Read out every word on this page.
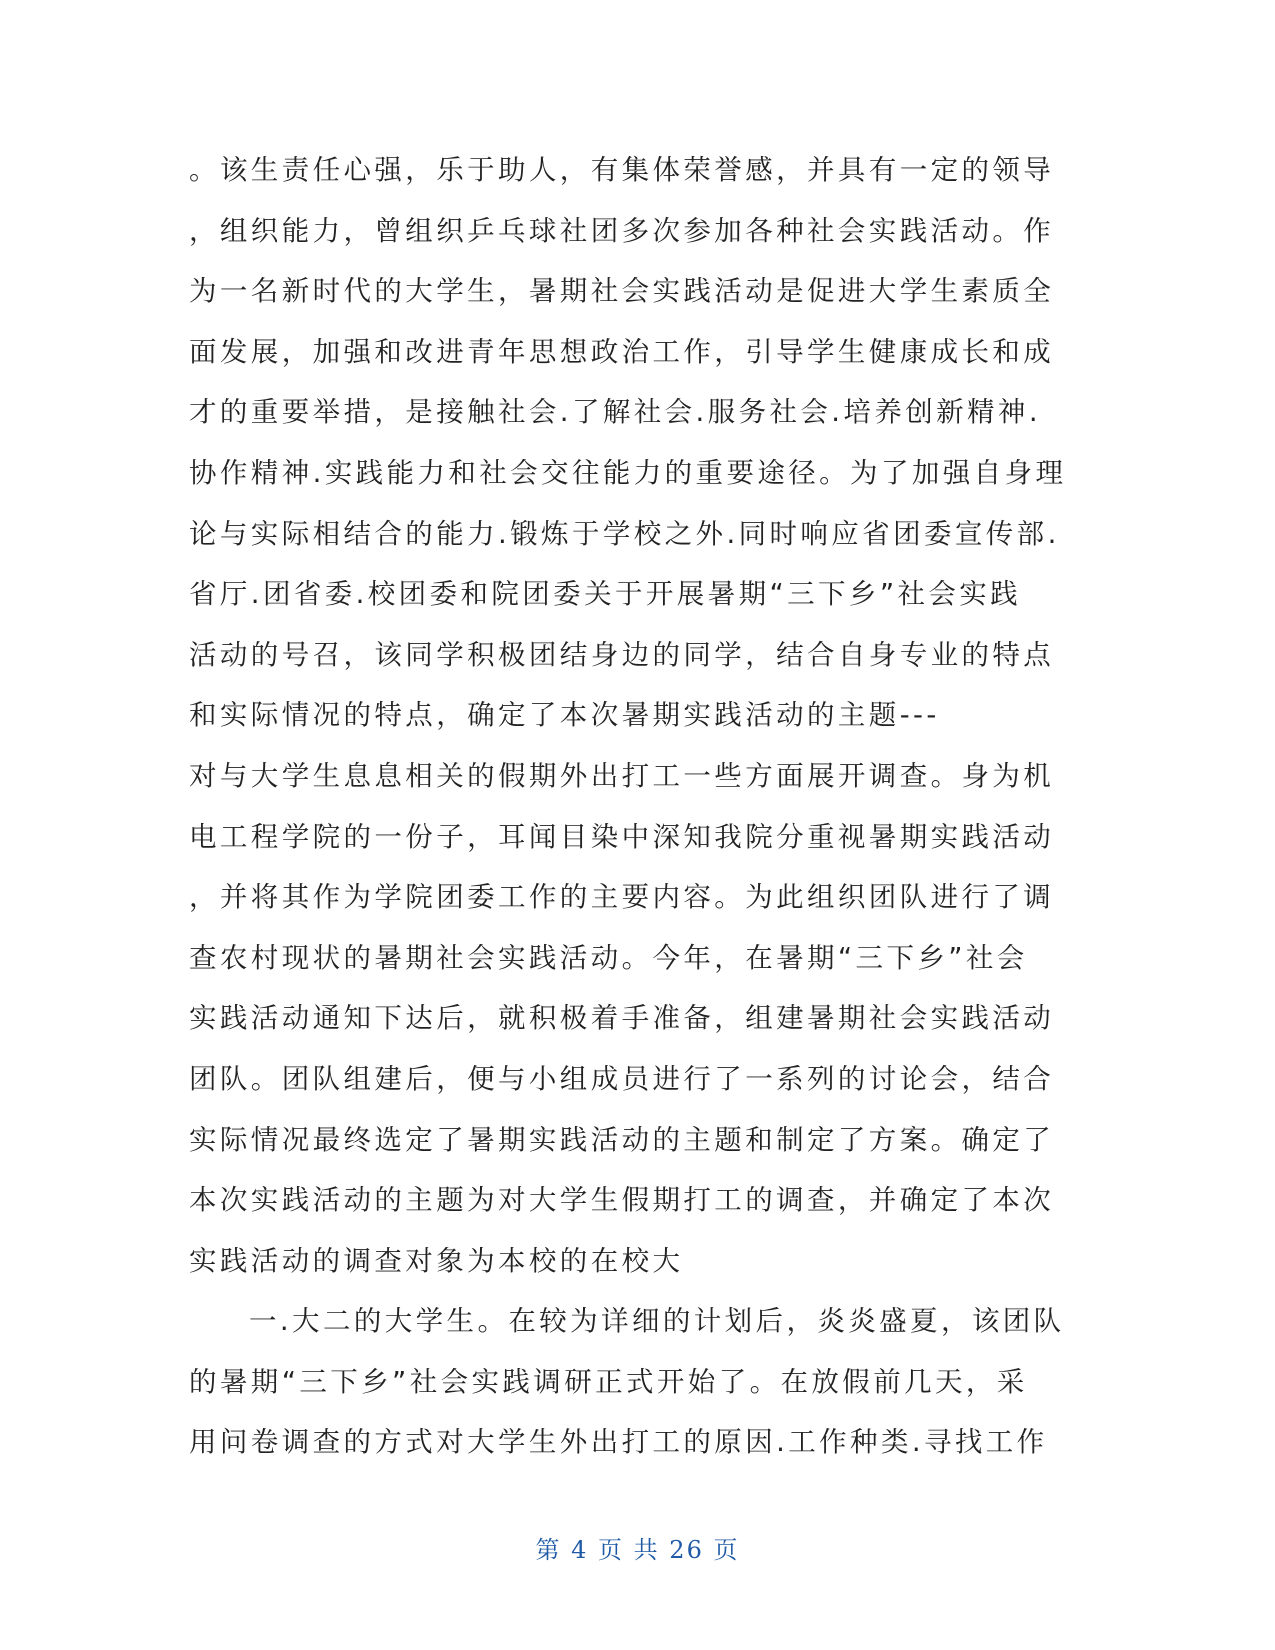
。该生责任心强，乐于助人，有集体荣誉感，并具有一定的领导
，组织能力，曾组织乒乓球社团多次参加各种社会实践活动。作
为一名新时代的大学生，暑期社会实践活动是促进大学生素质全
面发展，加强和改进青年思想政治工作，引导学生健康成长和成
才的重要举措，是接触社会.了解社会.服务社会.培养创新精神.
协作精神.实践能力和社会交往能力的重要途径。为了加强自身理
论与实际相结合的能力.锻炼于学校之外.同时响应省团委宣传部.
省厅.团省委.校团委和院团委关于开展暑期“三下乡”社会实践
活动的号召，该同学积极团结身边的同学，结合自身专业的特点
和实际情况的特点，确定了本次暑期实践活动的主题---
对与大学生息息相关的假期外出打工一些方面展开调查。身为机
电工程学院的一份子，耳闻目染中深知我院分重视暑期实践活动
，并将其作为学院团委工作的主要内容。为此组织团队进行了调
查农村现状的暑期社会实践活动。今年，在暑期“三下乡”社会
实践活动通知下达后，就积极着手准备，组建暑期社会实践活动
团队。团队组建后，便与小组成员进行了一系列的讨论会，结合
实际情况最终选定了暑期实践活动的主题和制定了方案。确定了
本次实践活动的主题为对大学生假期打工的调查，并确定了本次
实践活动的调查对象为本校的在校大
一.大二的大学生。在较为详细的计划后，炎炎盛夏，该团队
的暑期“三下乡”社会实践调研正式开始了。在放假前几天，采
用问卷调查的方式对大学生外出打工的原因.工作种类.寻找工作
第 4 页 共 26 页
